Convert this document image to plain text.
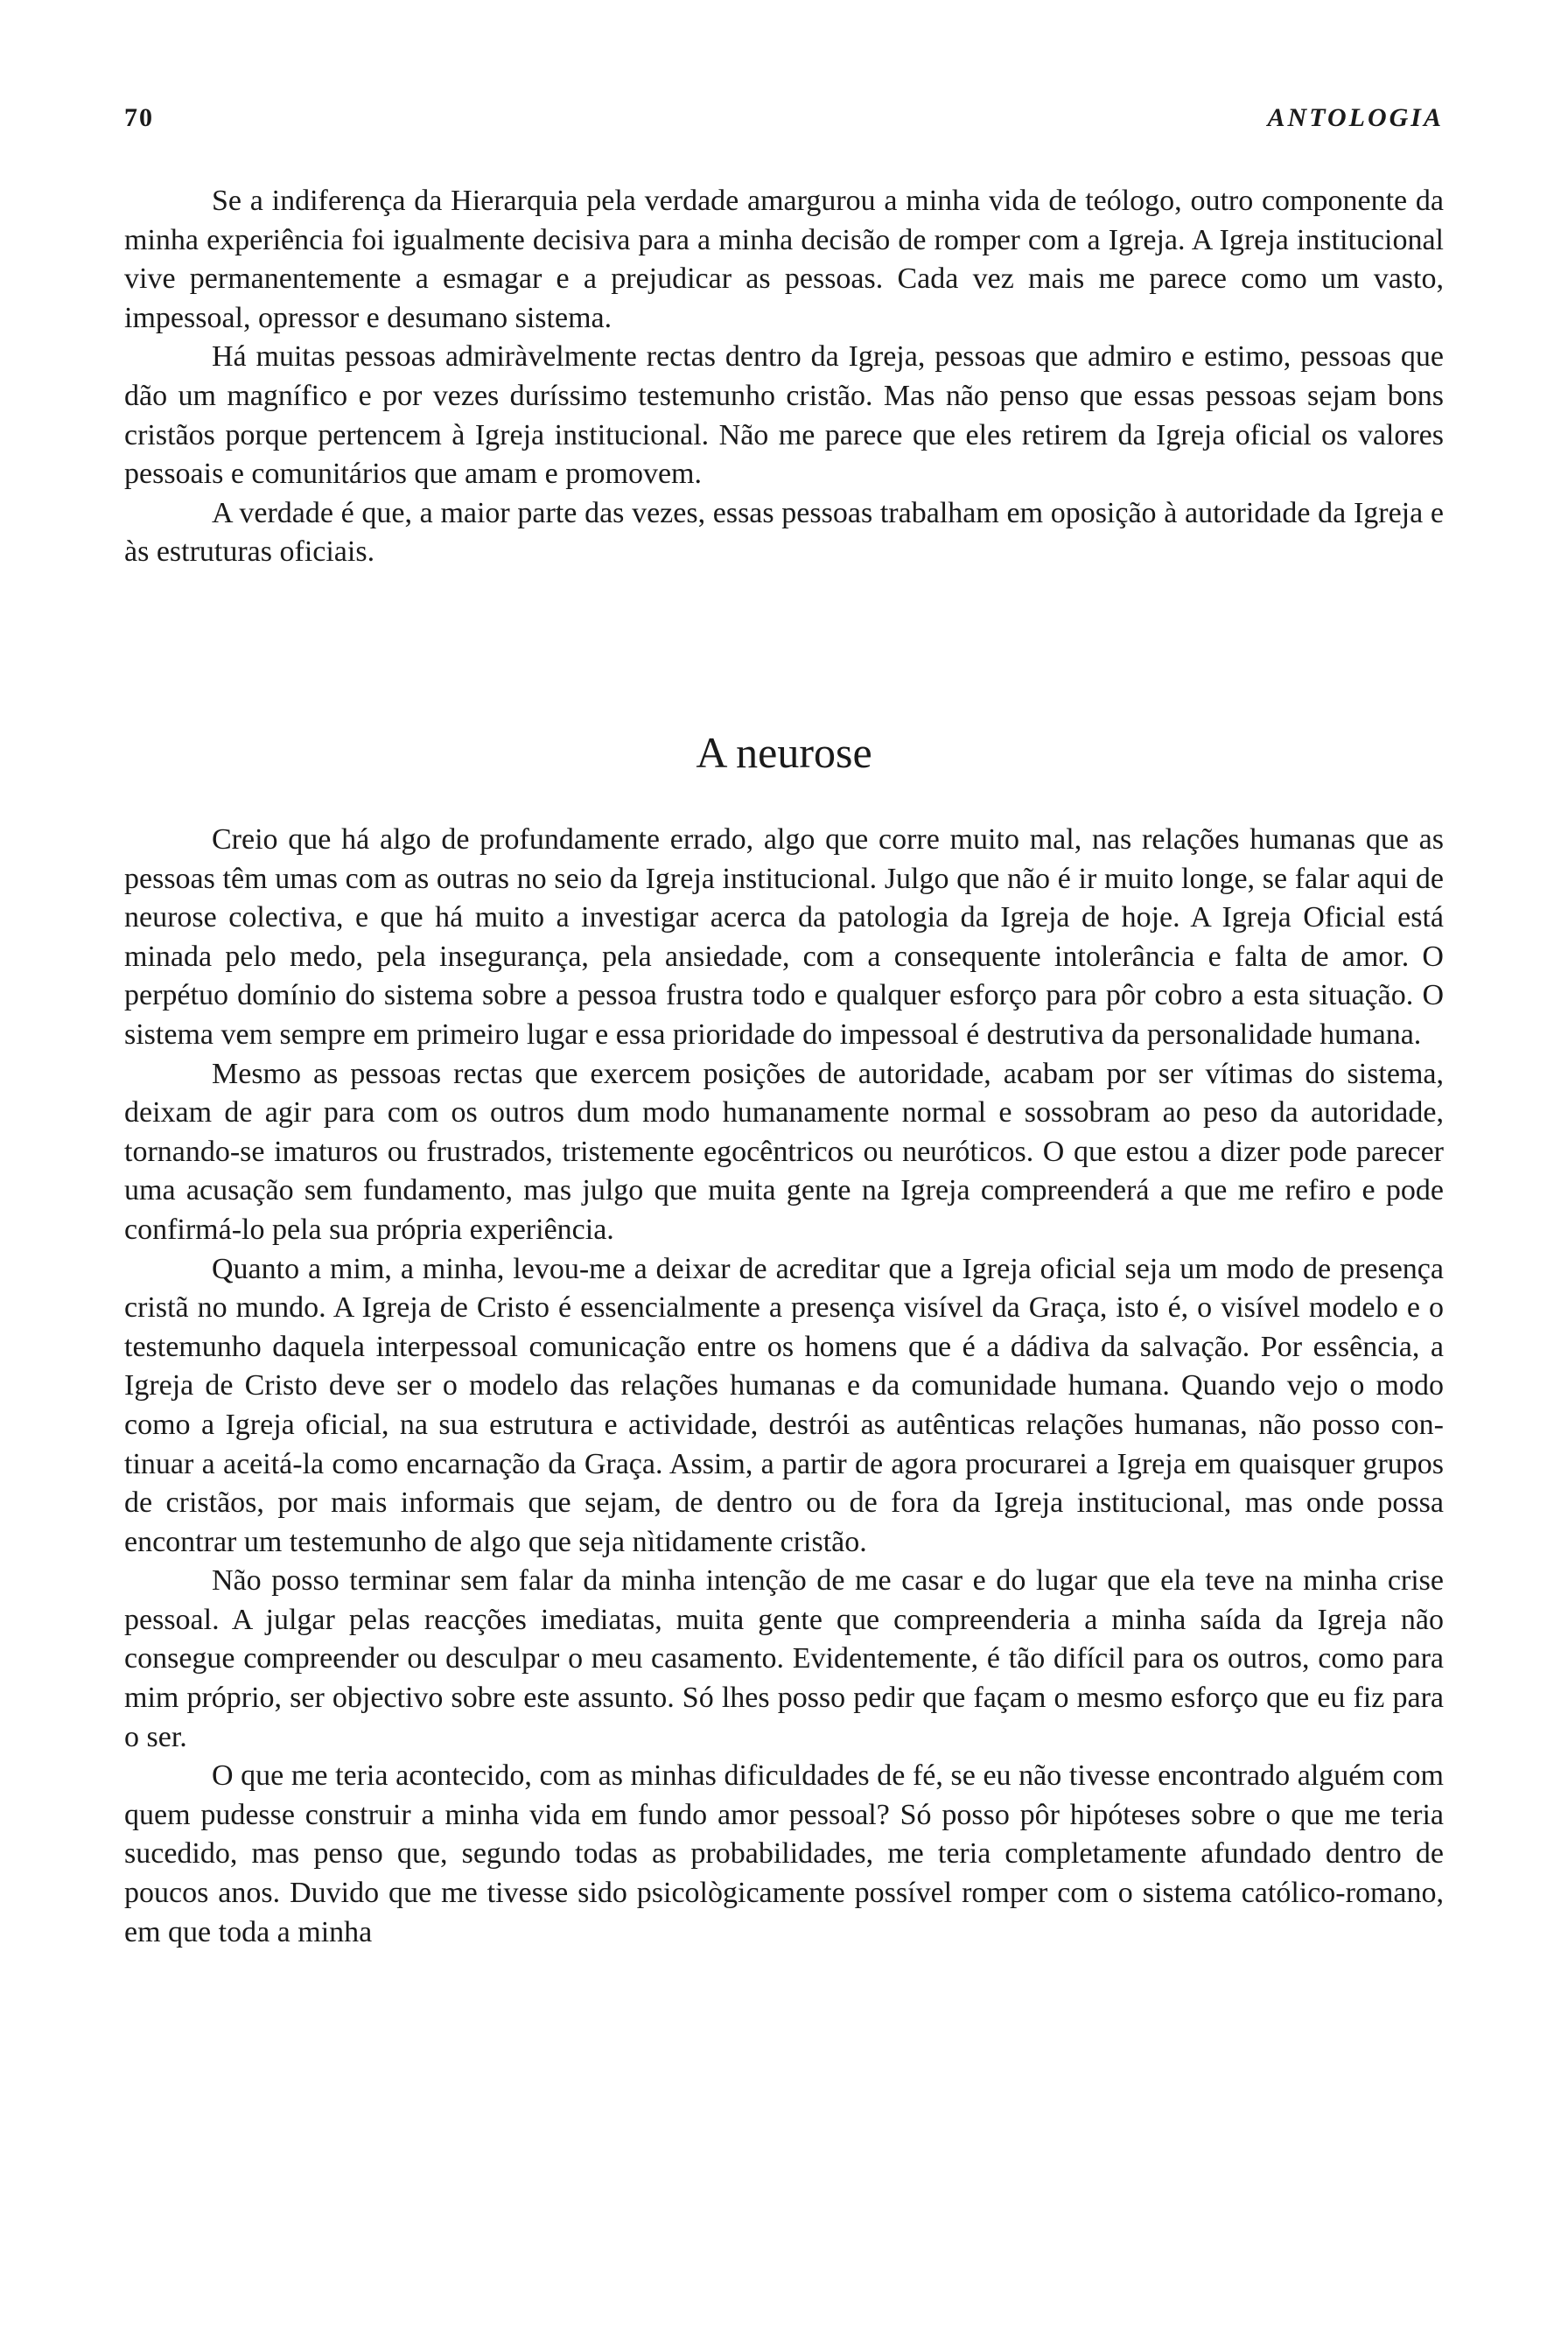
70	ANTOLOGIA

Se a indiferença da Hierarquia pela verdade amargurou a minha vida de teólogo, outro componente da minha experiência foi igualmente decisiva para a minha decisão de romper com a Igreja. A Igreja institucional vive permanentemente a esmagar e a prejudicar as pessoas. Cada vez mais me parece como um vasto, impessoal, opressor e desumano sistema.

Há muitas pessoas admiràvelmente rectas dentro da Igreja, pessoas que admiro e estimo, pessoas que dão um magnífico e por vezes duríssimo testemunho cristão. Mas não penso que essas pessoas sejam bons cristãos porque pertencem à Igreja institucional. Não me parece que eles retirem da Igreja oficial os valores pessoais e comunitários que amam e promovem.

A verdade é que, a maior parte das vezes, essas pessoas trabalham em oposição à autoridade da Igreja e às estruturas oficiais.

A neurose

Creio que há algo de profundamente errado, algo que corre muito mal, nas relações humanas que as pessoas têm umas com as outras no seio da Igreja institucional. Julgo que não é ir muito longe, se falar aqui de neurose colectiva, e que há muito a investigar acerca da patologia da Igreja de hoje. A Igreja Oficial está minada pelo medo, pela insegurança, pela ansiedade, com a consequente intolerância e falta de amor. O perpétuo domínio do sistema sobre a pessoa frustra todo e qualquer esforço para pôr cobro a esta situação. O sistema vem sempre em primeiro lugar e essa prioridade do impessoal é destrutiva da personalidade humana.

Mesmo as pessoas rectas que exercem posições de autoridade, acabam por ser vítimas do sistema, deixam de agir para com os outros dum modo humanamente normal e sossobram ao peso da autoridade, tornando-se imaturos ou frustrados, tristemente egocêntricos ou neuróticos. O que estou a dizer pode parecer uma acusação sem fundamento, mas julgo que muita gente na Igreja compreenderá a que me refiro e pode confirmá-lo pela sua própria experiência.

Quanto a mim, a minha, levou-me a deixar de acreditar que a Igreja oficial seja um modo de presença cristã no mundo. A Igreja de Cristo é essencialmente a presença visível da Graça, isto é, o visível modelo e o testemunho daquela interpessoal comunicação entre os homens que é a dádiva da salvação. Por essência, a Igreja de Cristo deve ser o modelo das relações humanas e da comunidade humana. Quando vejo o modo como a Igreja oficial, na sua estrutura e actividade, destrói as autênticas relações humanas, não posso continuar a aceitá-la como encarnação da Graça. Assim, a partir de agora procurarei a Igreja em quaisquer grupos de cristãos, por mais informais que sejam, de dentro ou de fora da Igreja institucional, mas onde possa encontrar um testemunho de algo que seja nìtidamente cristão.

Não posso terminar sem falar da minha intenção de me casar e do lugar que ela teve na minha crise pessoal. A julgar pelas reacções imediatas, muita gente que compreenderia a minha saída da Igreja não consegue compreender ou desculpar o meu casamento. Evidentemente, é tão difícil para os outros, como para mim próprio, ser objectivo sobre este assunto. Só lhes posso pedir que façam o mesmo esforço que eu fiz para o ser.

O que me teria acontecido, com as minhas dificuldades de fé, se eu não tivesse encontrado alguém com quem pudesse construir a minha vida em fundo amor pessoal? Só posso pôr hipóteses sobre o que me teria sucedido, mas penso que, segundo todas as probabilidades, me teria completamente afundado dentro de poucos anos. Duvido que me tivesse sido psicològicamente possível romper com o sistema católico-romano, em que toda a minha
